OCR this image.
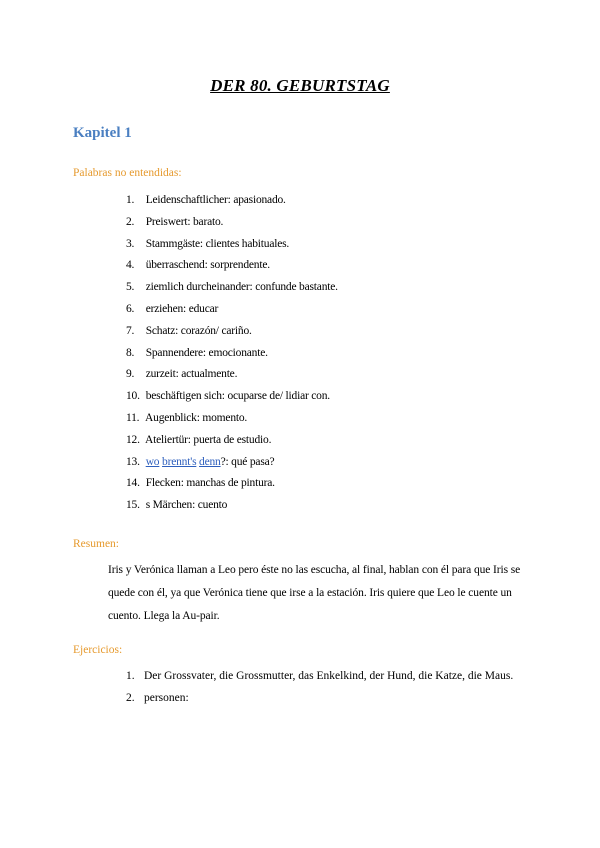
DER 80. GEBURTSTAG
Kapitel 1
Palabras no entendidas:
1. Leidenschaftlicher: apasionado.
2. Preiswert: barato.
3. Stammgäste: clientes habituales.
4. überraschend: sorprendente.
5. ziemlich durcheinander: confunde bastante.
6. erziehen: educar
7. Schatz: corazón/ cariño.
8. Spannendere: emocionante.
9. zurzeit: actualmente.
10. beschäftigen sich: ocuparse de/ lidiar con.
11. Augenblick: momento.
12. Ateliertür: puerta de estudio.
13. wo brennt's denn?: qué pasa?
14. Flecken: manchas de pintura.
15. s Märchen: cuento
Resumen:

Iris y Verónica llaman a Leo pero éste no las escucha, al final, hablan con él para que Iris se quede con él, ya que Verónica tiene que irse a la estación. Iris quiere que Leo le cuente un cuento. Llega la Au-pair.

Ejercicios:
1. Der Grossvater, die Grossmutter, das Enkelkind, der Hund, die Katze, die Maus.
2. personen:
